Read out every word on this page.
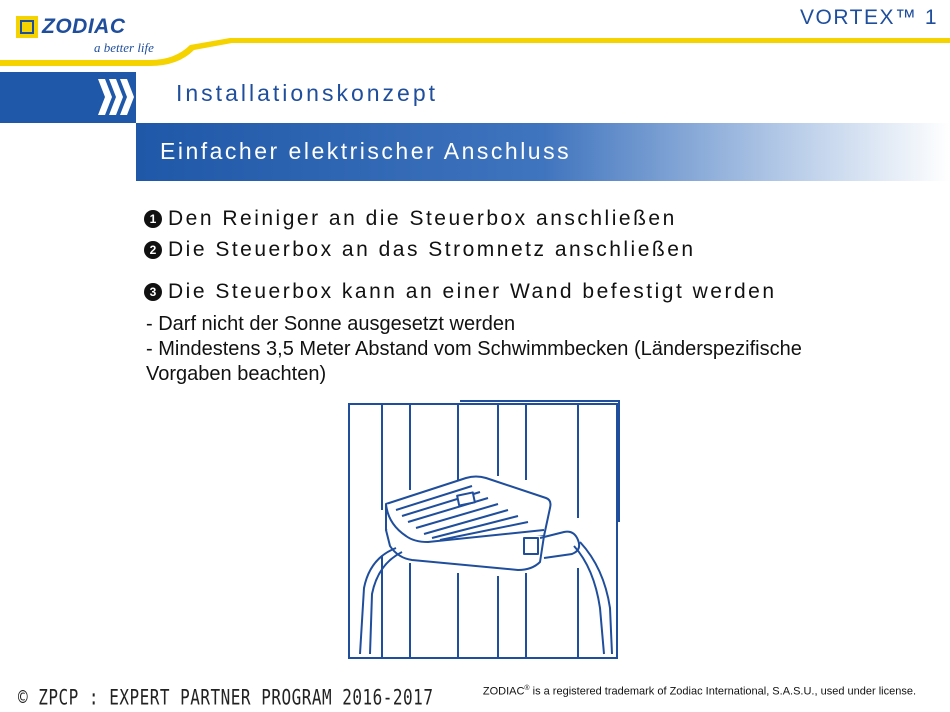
ZODIAC
a better life
VORTEX™ 1
Installationskonzept
Einfacher elektrischer Anschluss
1 Den Reiniger an die Steuerbox anschließen
2 Die Steuerbox an das Stromnetz anschließen
3 Die Steuerbox kann an einer Wand befestigt werden
- Darf nicht der Sonne ausgesetzt werden
- Mindestens 3,5 Meter Abstand vom Schwimmbecken (Länderspezifische
Vorgaben beachten)
© ZPCP : EXPERT PARTNER PROGRAM 2016-2017	ZODIAC® is a registered trademark of Zodiac International, S.A.S.U., used under license.
